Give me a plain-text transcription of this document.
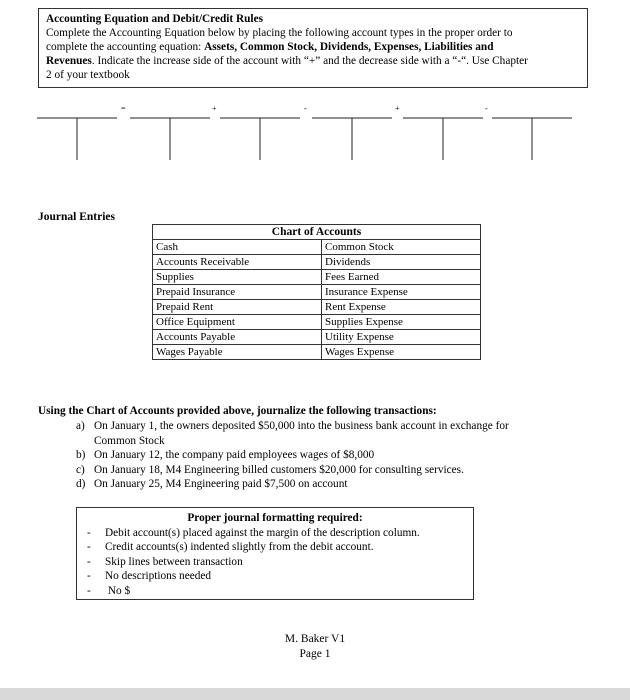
Accounting Equation and Debit/Credit Rules
Complete the Accounting Equation below by placing the following account types in the proper order to
complete the accounting equation: Assets, Common Stock, Dividends, Expenses, Liabilities and
Revenues. Indicate the increase side of the account with “+” and the decrease side with a “-“. Use Chapter
2 of your textbook
=	+	-	+	-
Journal Entries
Chart of Accounts	
Cash	Common Stock
Accounts Receivable	Dividends
Supplies	Fees Earned
Prepaid Insurance	Insurance Expense
Prepaid Rent	Rent Expense
Office Equipment	Supplies Expense
Accounts Payable	Utility Expense
Wages Payable	Wages Expense
Using the Chart of Accounts provided above, journalize the following transactions:
a) On January 1, the owners deposited $50,000 into the business bank account in exchange for
Common Stock
b) On January 12, the company paid employees wages of $8,000
c) On January 18, M4 Engineering billed customers $20,000 for consulting services.
d) On January 25, M4 Engineering paid $7,500 on account
Proper journal formatting required:
- Debit account(s) placed against the margin of the description column.
- Credit accounts(s) indented slightly from the debit account.
- Skip lines between transaction
- No descriptions needed
- No $
M. Baker V1
Page 1
